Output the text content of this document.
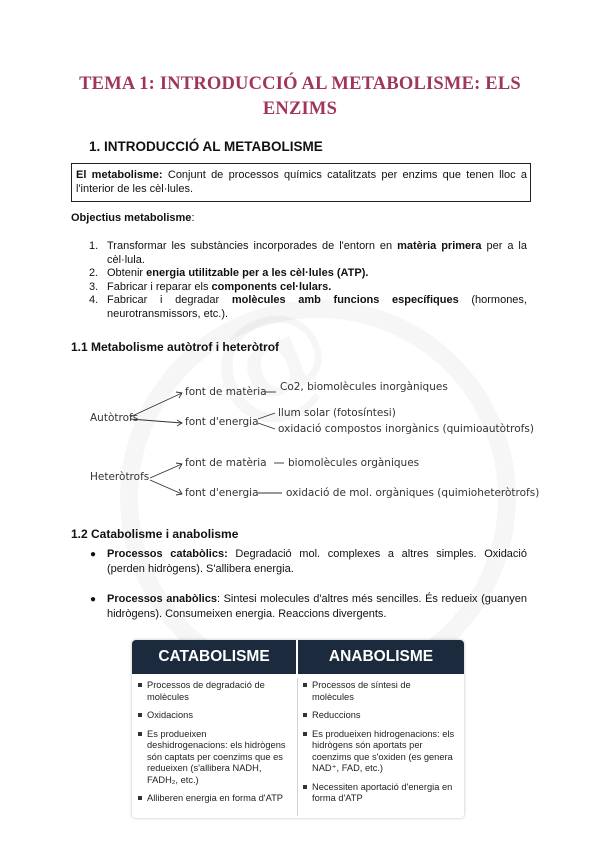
TEMA 1: INTRODUCCIÓ AL METABOLISME: ELS ENZIMS
1. INTRODUCCIÓ AL METABOLISME
El metabolisme: Conjunt de processos químics catalitzats per enzims que tenen lloc a l'interior de les cèl·lules.
Objectius metabolisme:
1. Transformar les substàncies incorporades de l'entorn en matèria primera per a la cèl·lula.
2. Obtenir energia utilitzable per a les cèl·lules (ATP).
3. Fabricar i reparar els components cel·lulars.
4. Fabricar i degradar molècules amb funcions específiques (hormones, neurotransmissors, etc.).
1.1 Metabolisme autòtrof i heteròtrof
Autòtrofs
font de matèria Co2, biomolècules inorgàniques
font d'energia
llum solar (fotosíntesi)
oxidació compostos inorgànics (quimioautòtrofs)
Heteròtrofs
font de matèria biomolècules orgàniques
font d'energia	oxidació de mol. orgàniques (quimioheteròtrofs)
1.2 Catabolisme i anabolisme
● Processos catabòlics: Degradació mol. complexes a altres simples. Oxidació (perden hidrògens). S'allibera energia.
● Processos anabòlics: Sintesi molecules d'altres més sencilles. És redueix (guanyen hidrògens). Consumeixen energia. Reaccions divergents.
CATABOLISME	ANABOLISME
Processos de degradació de molècules
Oxidacions
Es produeixen deshidrogenacions: els hidrògens són captats per coenzims que es redueixen (s'allibera NADH, FADH₂, etc.)
Alliberen energia en forma d'ATP
Processos de síntesi de molècules
Reduccions
Es produeixen hidrogenacions: els hidrògens són aportats per coenzims que s'oxiden (es genera NAD⁺, FAD, etc.)
Necessiten aportació d'energia en forma d'ATP
